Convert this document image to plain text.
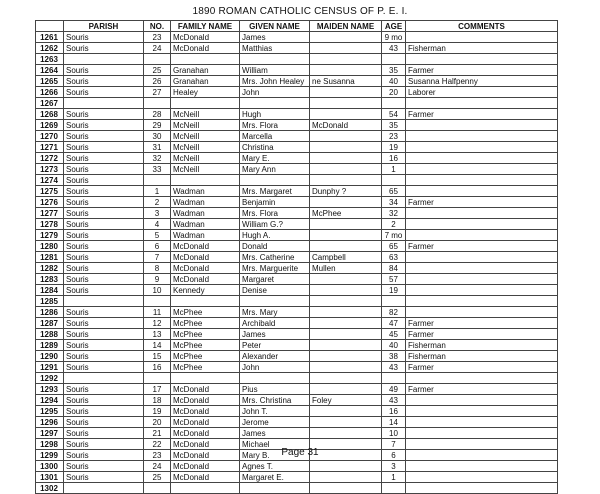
1890 ROMAN CATHOLIC CENSUS OF P. E. I.
	PARISH	NO.	FAMILY NAME	GIVEN NAME	MAIDEN NAME	AGE	COMMENTS
1261	Souris	23	McDonald	James		9 mo	
1262	Souris	24	McDonald	Matthias		43	Fisherman
1263							
1264	Souris	25	Granahan	William		35	Farmer
1265	Souris	26	Granahan	Mrs. John Healey	ne Susanna	40	Susanna Halfpenny
1266	Souris	27	Healey	John		20	Laborer
1267							
1268	Souris	28	McNeill	Hugh		54	Farmer
1269	Souris	29	McNeill	Mrs. Flora	McDonald	35	
1270	Souris	30	McNeill	Marcella		23	
1271	Souris	31	McNeill	Christina		19	
1272	Souris	32	McNeill	Mary E.		16	
1273	Souris	33	McNeill	Mary Ann		1	
1274	Souris						
1275	Souris	1	Wadman	Mrs. Margaret	Dunphy ?	65	
1276	Souris	2	Wadman	Benjamin		34	Farmer
1277	Souris	3	Wadman	Mrs. Flora	McPhee	32	
1278	Souris	4	Wadman	William G.?		2	
1279	Souris	5	Wadman	Hugh A.		7 mo	
1280	Souris	6	McDonald	Donald		65	Farmer
1281	Souris	7	McDonald	Mrs. Catherine	Campbell	63	
1282	Souris	8	McDonald	Mrs. Marguerite	Mullen	84	
1283	Souris	9	McDonald	Margaret		57	
1284	Souris	10	Kennedy	Denise		19	
1285							
1286	Souris	11	McPhee	Mrs. Mary		82	
1287	Souris	12	McPhee	Archibald		47	Farmer
1288	Souris	13	McPhee	James		45	Farmer
1289	Souris	14	McPhee	Peter		40	Fisherman
1290	Souris	15	McPhee	Alexander		38	Fisherman
1291	Souris	16	McPhee	John		43	Farmer
1292							
1293	Souris	17	McDonald	Pius		49	Farmer
1294	Souris	18	McDonald	Mrs. Christina	Foley	43	
1295	Souris	19	McDonald	John T.		16	
1296	Souris	20	McDonald	Jerome		14	
1297	Souris	21	McDonald	James		10	
1298	Souris	22	McDonald	Michael		7	
1299	Souris	23	McDonald	Mary B.		6	
1300	Souris	24	McDonald	Agnes T.		3	
1301	Souris	25	McDonald	Margaret E.		1	
1302							
Page 31
